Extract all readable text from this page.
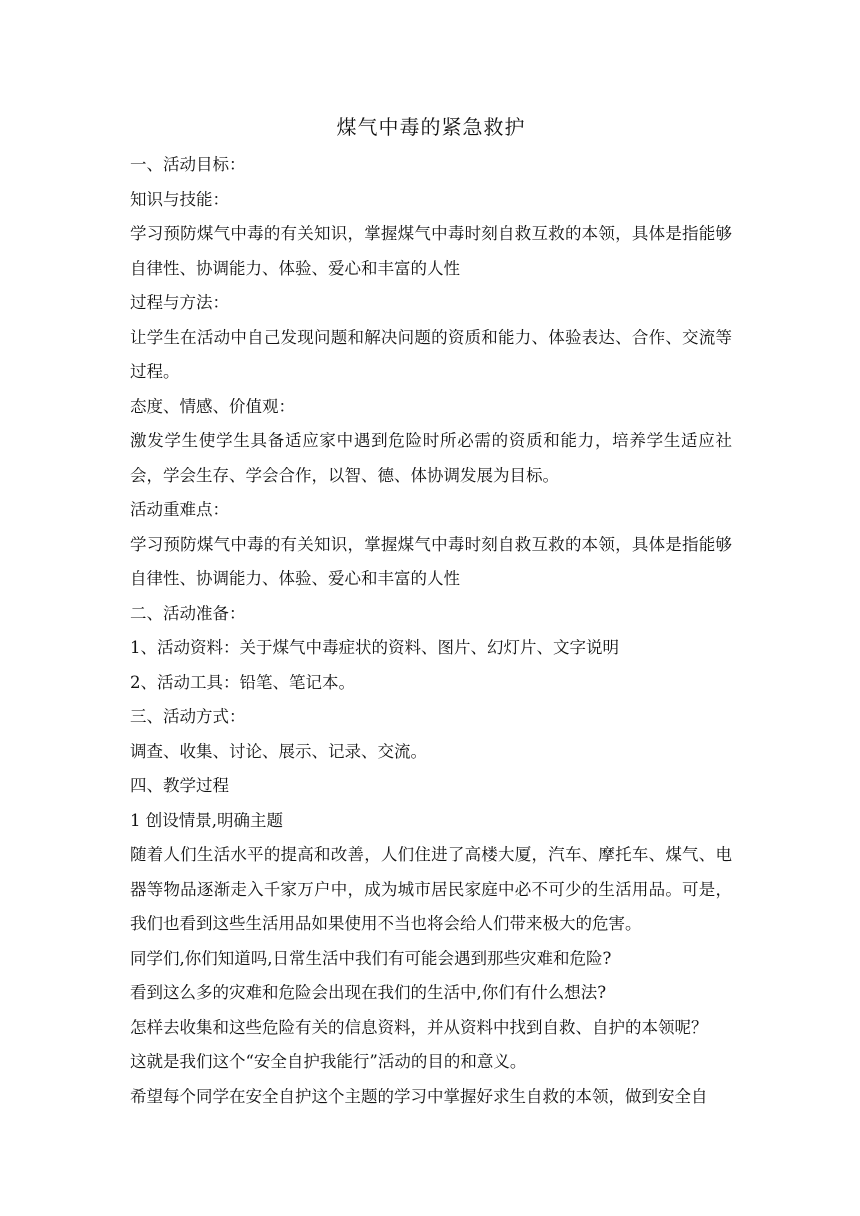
煤气中毒的紧急救护

一、活动目标：

知识与技能：

学习预防煤气中毒的有关知识，掌握煤气中毒时刻自救互救的本领，具体是指能够自律性、协调能力、体验、爱心和丰富的人性

过程与方法：

让学生在活动中自己发现问题和解决问题的资质和能力、体验表达、合作、交流等过程。

态度、情感、价值观：

激发学生使学生具备适应家中遇到危险时所必需的资质和能力，培养学生适应社会，学会生存、学会合作，以智、德、体协调发展为目标。

活动重难点：

学习预防煤气中毒的有关知识，掌握煤气中毒时刻自救互救的本领，具体是指能够自律性、协调能力、体验、爱心和丰富的人性

二、活动准备：

1、活动资料：关于煤气中毒症状的资料、图片、幻灯片、文字说明

2、活动工具：铅笔、笔记本。

三、活动方式：

调查、收集、讨论、展示、记录、交流。

四、教学过程

1 创设情景,明确主题

随着人们生活水平的提高和改善，人们住进了高楼大厦，汽车、摩托车、煤气、电器等物品逐渐走入千家万户中，成为城市居民家庭中必不可少的生活用品。可是，我们也看到这些生活用品如果使用不当也将会给人们带来极大的危害。

同学们,你们知道吗,日常生活中我们有可能会遇到那些灾难和危险?

看到这么多的灾难和危险会出现在我们的生活中,你们有什么想法?

怎样去收集和这些危险有关的信息资料，并从资料中找到自救、自护的本领呢？

这就是我们这个“安全自护我能行”活动的目的和意义。

希望每个同学在安全自护这个主题的学习中掌握好求生自救的本领，做到安全自
